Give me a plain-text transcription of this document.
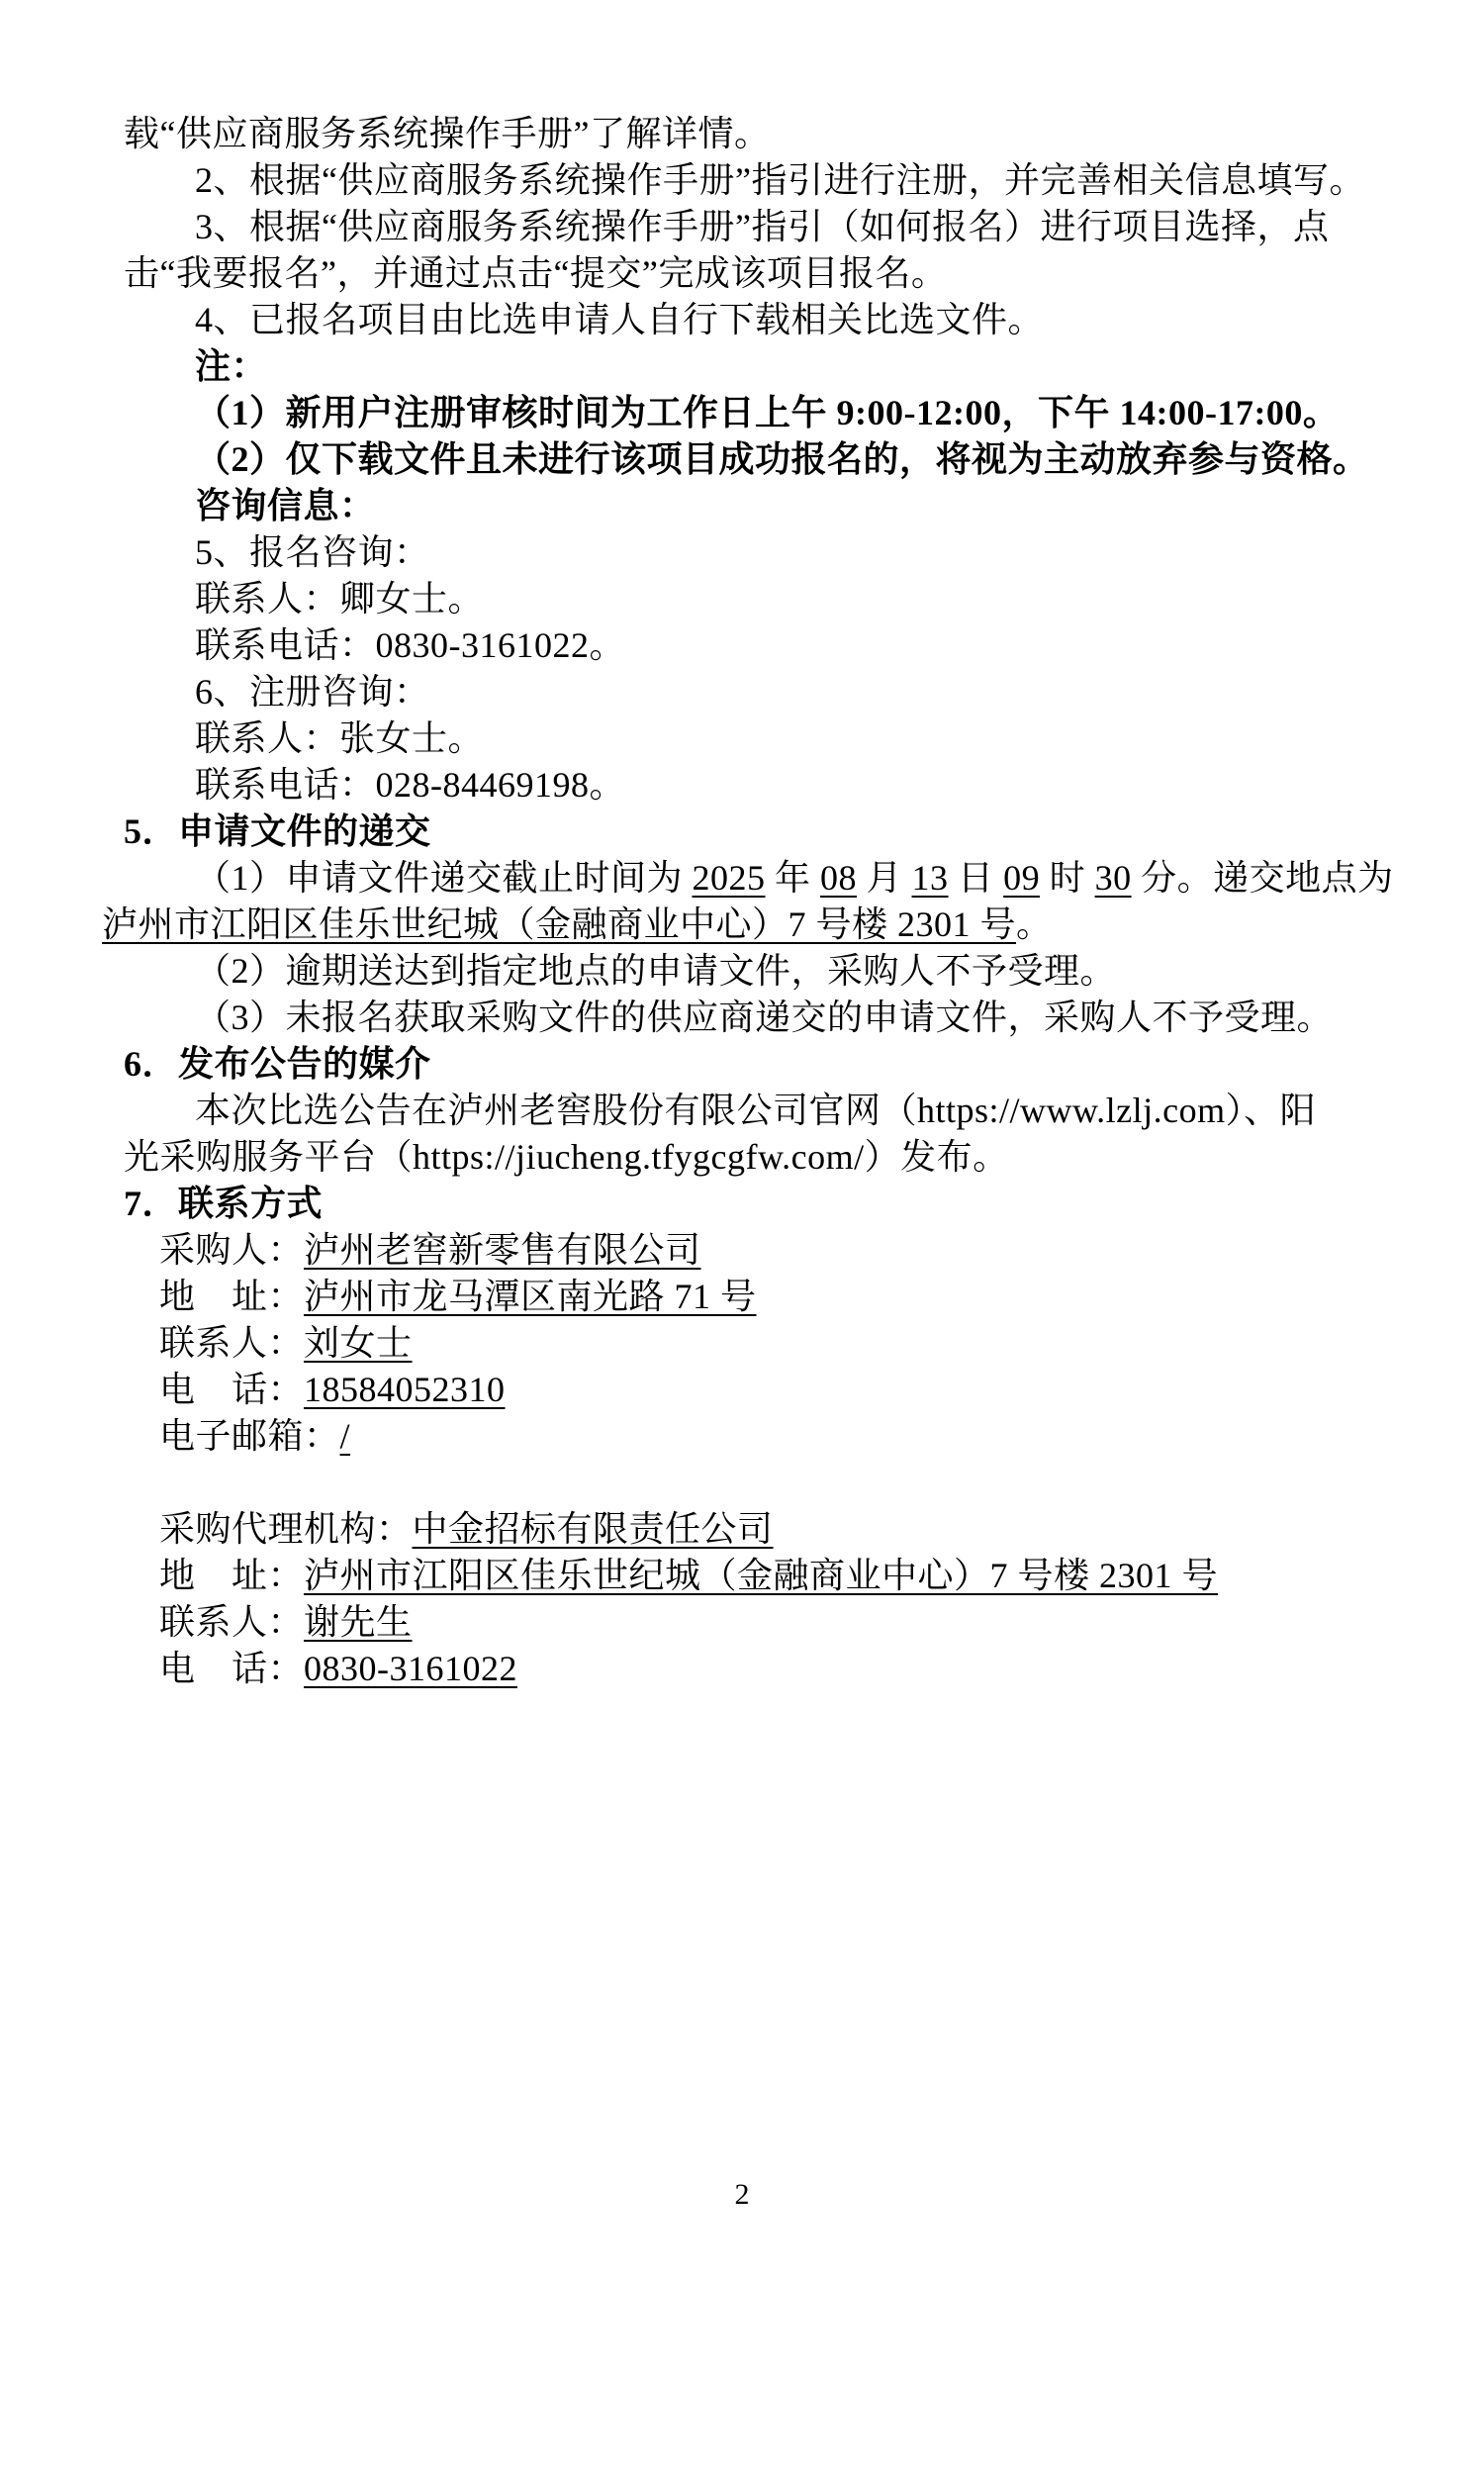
载“供应商服务系统操作手册”了解详情。
2、根据“供应商服务系统操作手册”指引进行注册，并完善相关信息填写。
3、根据“供应商服务系统操作手册”指引（如何报名）进行项目选择，点
击“我要报名”，并通过点击“提交”完成该项目报名。
4、已报名项目由比选申请人自行下载相关比选文件。
注：
（1）新用户注册审核时间为工作日上午 9:00-12:00，下午 14:00-17:00。
（2）仅下载文件且未进行该项目成功报名的，将视为主动放弃参与资格。
咨询信息：
5、报名咨询：
联系人：卿女士。
联系电话：0830-3161022。
6、注册咨询：
联系人：张女士。
联系电话：028-84469198。
5．申请文件的递交
（1）申请文件递交截止时间为 2025 年 08 月 13 日 09 时 30 分。递交地点为
泸州市江阳区佳乐世纪城（金融商业中心）7 号楼 2301 号。
（2）逾期送达到指定地点的申请文件，采购人不予受理。
（3）未报名获取采购文件的供应商递交的申请文件，采购人不予受理。
6．发布公告的媒介
本次比选公告在泸州老窖股份有限公司官网（https://www.lzlj.com）、阳
光采购服务平台（https://jiucheng.tfygcgfw.com/）发布。
7．联系方式
采购人：泸州老窖新零售有限公司
地　址：泸州市龙马潭区南光路 71 号
联系人：刘女士
电　话：18584052310
电子邮箱：/
采购代理机构：中金招标有限责任公司
地　址：泸州市江阳区佳乐世纪城（金融商业中心）7 号楼 2301 号
联系人：谢先生
电　话：0830-3161022
2
